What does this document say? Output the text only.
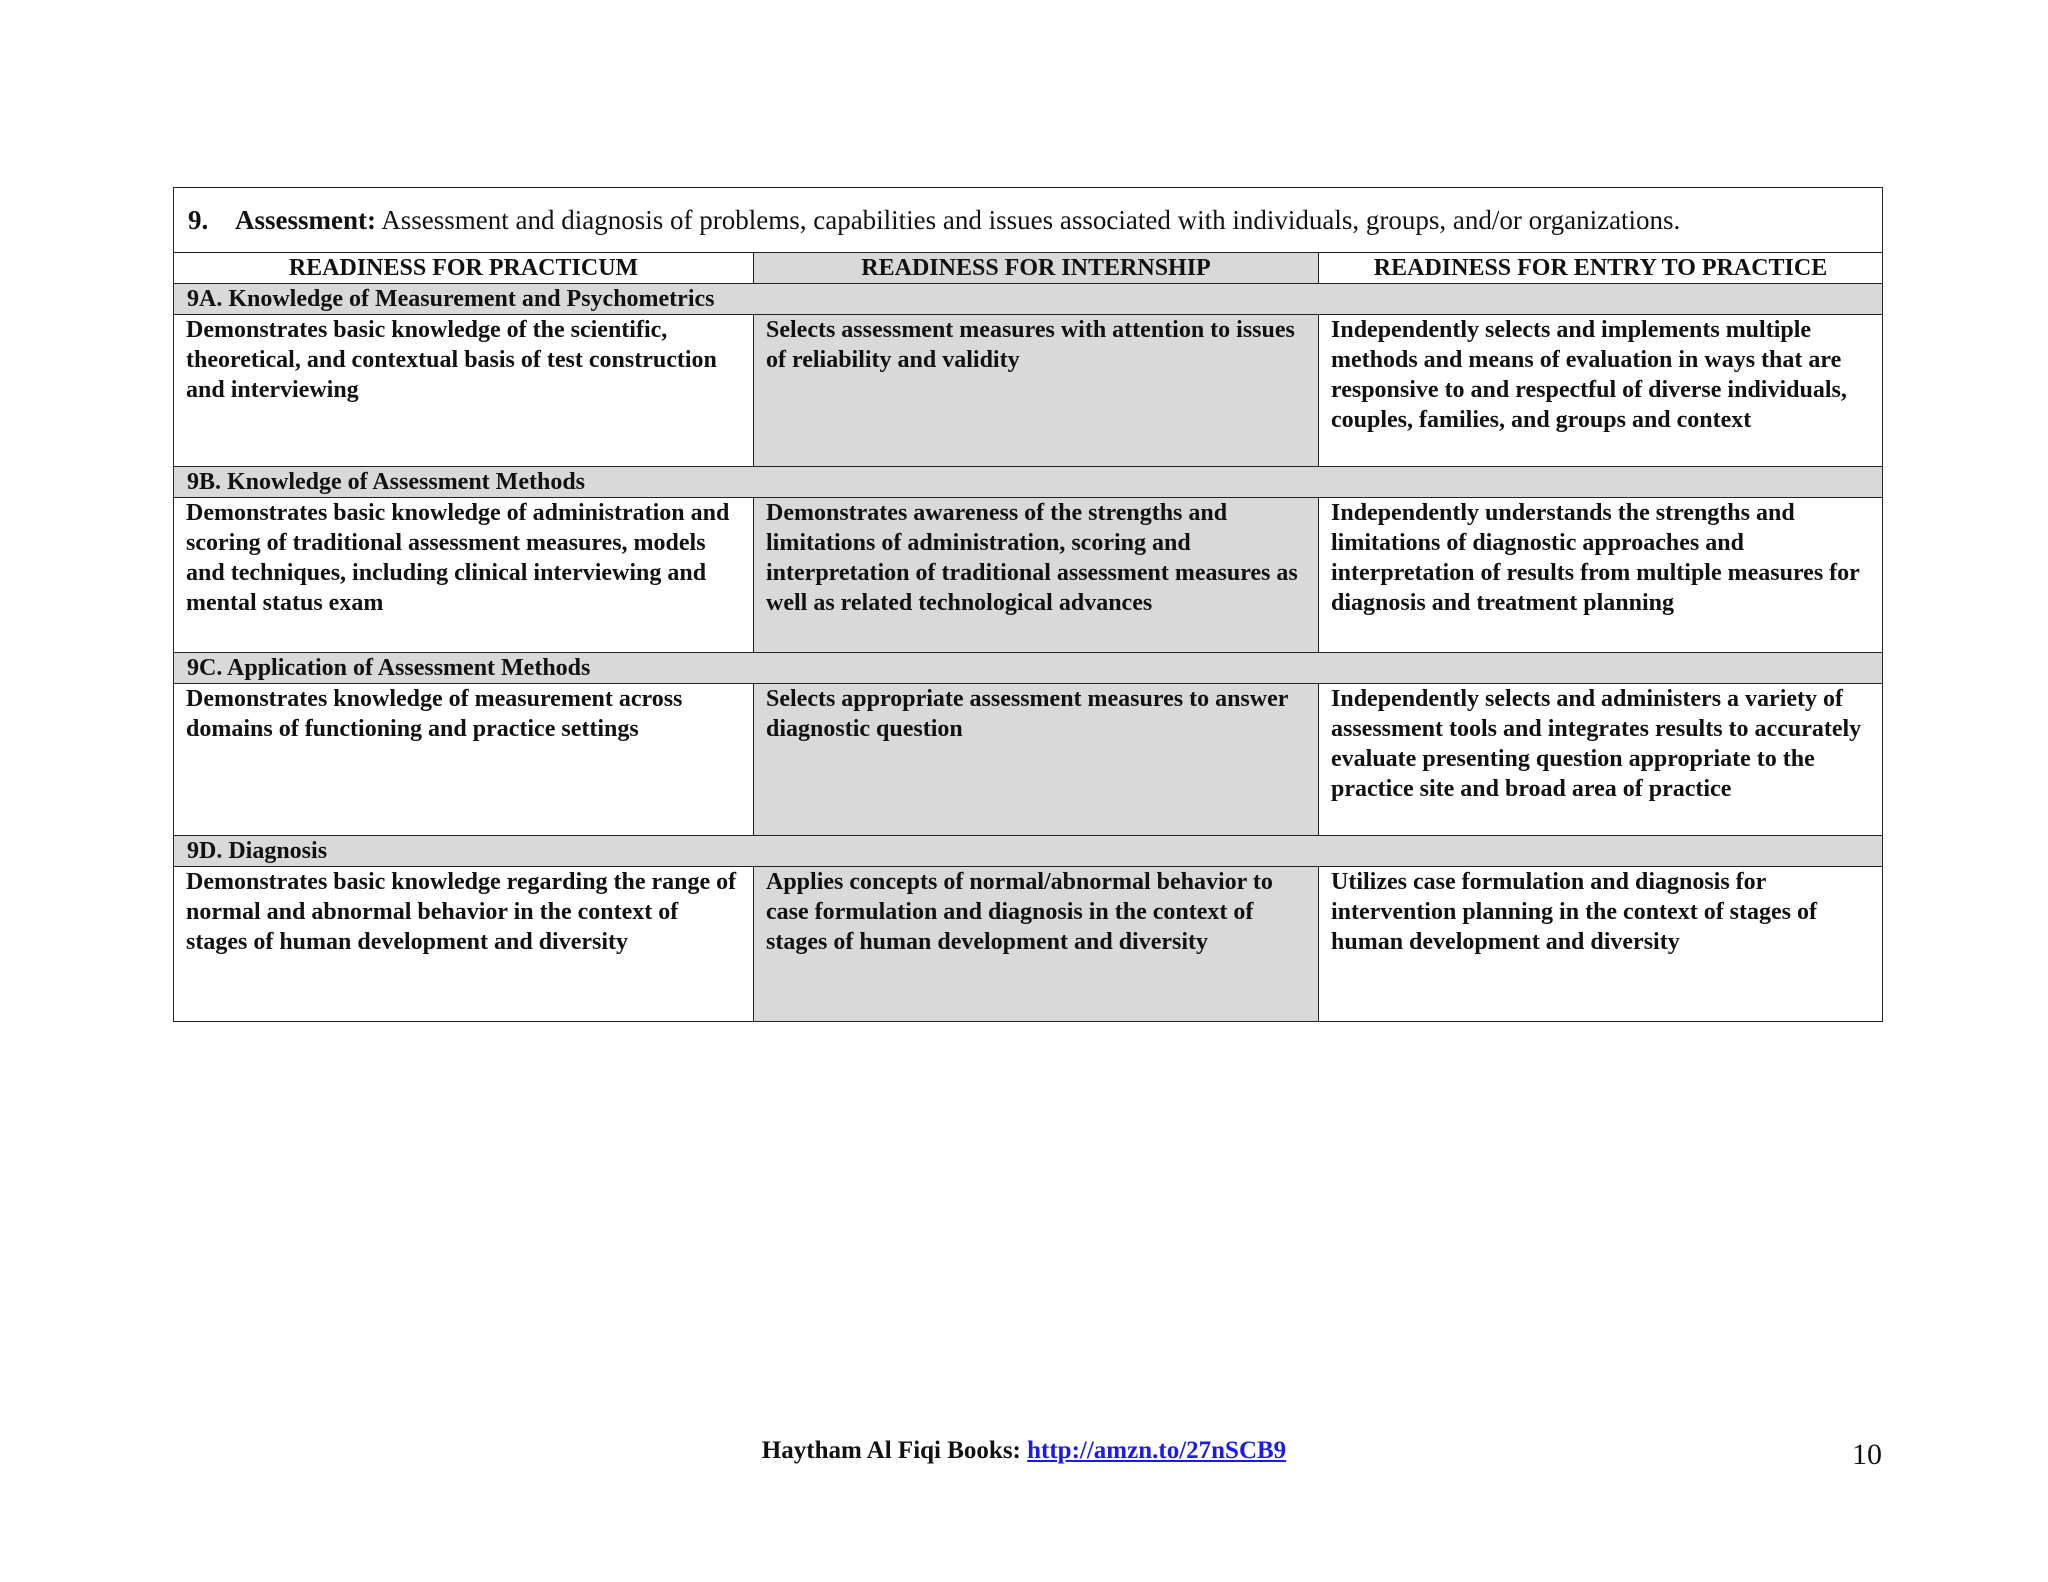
9. Assessment: Assessment and diagnosis of problems, capabilities and issues associated with individuals, groups, and/or organizations.		
READINESS FOR PRACTICUM	READINESS FOR INTERNSHIP	READINESS FOR ENTRY TO PRACTICE
9A. Knowledge of Measurement and Psychometrics		
Demonstrates basic knowledge of the scientific, theoretical, and contextual basis of test construction and interviewing	Selects assessment measures with attention to issues of reliability and validity	Independently selects and implements multiple methods and means of evaluation in ways that are responsive to and respectful of diverse individuals, couples, families, and groups and context
9B. Knowledge of Assessment Methods		
Demonstrates basic knowledge of administration and scoring of traditional assessment measures, models and techniques, including clinical interviewing and mental status exam	Demonstrates awareness of the strengths and limitations of administration, scoring and interpretation of traditional assessment measures as well as related technological advances	Independently understands the strengths and limitations of diagnostic approaches and interpretation of results from multiple measures for diagnosis and treatment planning
9C. Application of Assessment Methods		
Demonstrates knowledge of measurement across domains of functioning and practice settings	Selects appropriate assessment measures to answer diagnostic question	Independently selects and administers a variety of assessment tools and integrates results to accurately evaluate presenting question appropriate to the practice site and broad area of practice
9D. Diagnosis		
Demonstrates basic knowledge regarding the range of normal and abnormal behavior in the context of stages of human development and diversity	Applies concepts of normal/abnormal behavior to case formulation and diagnosis in the context of stages of human development and diversity	Utilizes case formulation and diagnosis for intervention planning in the context of stages of human development and diversity
Haytham Al Fiqi Books: http://amzn.to/27nSCB9	10
